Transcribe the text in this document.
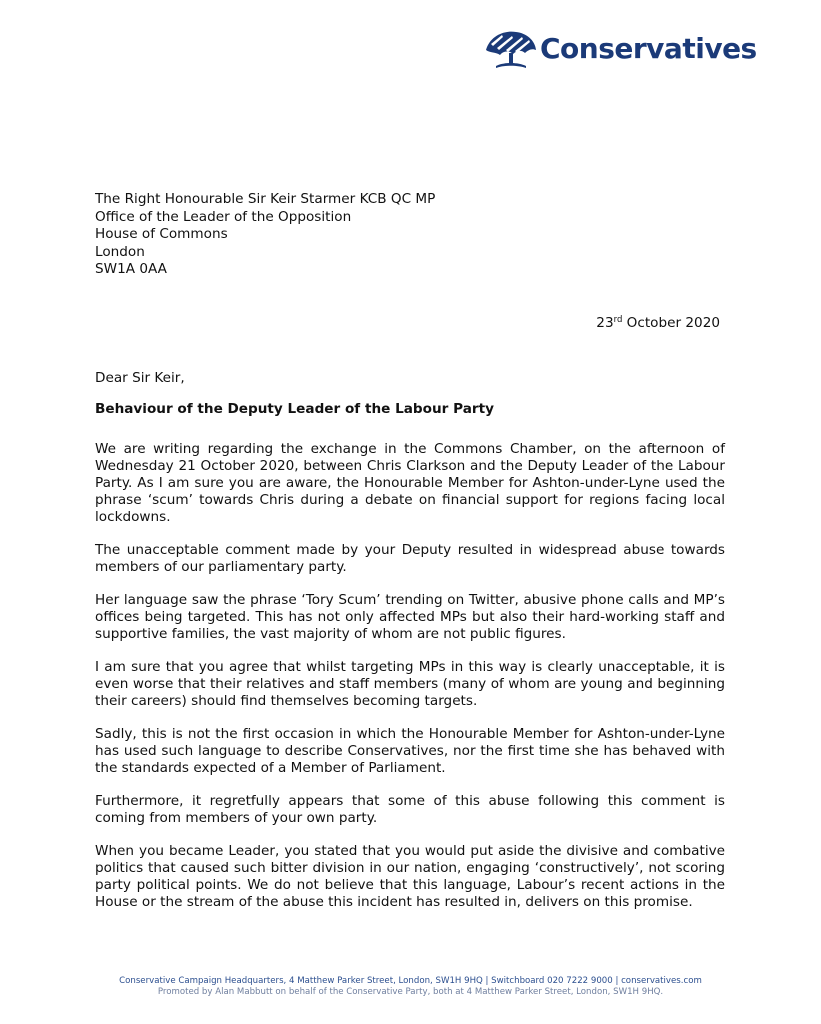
Conservatives
The Right Honourable Sir Keir Starmer KCB QC MP
Office of the Leader of the Opposition
House of Commons
London
SW1A 0AA
23rd October 2020
Dear Sir Keir,
Behaviour of the Deputy Leader of the Labour Party

We are writing regarding the exchange in the Commons Chamber, on the afternoon of Wednesday 21 October 2020, between Chris Clarkson and the Deputy Leader of the Labour Party. As I am sure you are aware, the Honourable Member for Ashton-under-Lyne used the phrase ‘scum’ towards Chris during a debate on financial support for regions facing local lockdowns.

The unacceptable comment made by your Deputy resulted in widespread abuse towards members of our parliamentary party.

Her language saw the phrase ‘Tory Scum’ trending on Twitter, abusive phone calls and MP’s offices being targeted. This has not only affected MPs but also their hard-working staff and supportive families, the vast majority of whom are not public figures.

I am sure that you agree that whilst targeting MPs in this way is clearly unacceptable, it is even worse that their relatives and staff members (many of whom are young and beginning their careers) should find themselves becoming targets.

Sadly, this is not the first occasion in which the Honourable Member for Ashton-under-Lyne has used such language to describe Conservatives, nor the first time she has behaved with the standards expected of a Member of Parliament.

Furthermore, it regretfully appears that some of this abuse following this comment is coming from members of your own party.

When you became Leader, you stated that you would put aside the divisive and combative politics that caused such bitter division in our nation, engaging ‘constructively’, not scoring party political points. We do not believe that this language, Labour’s recent actions in the House or the stream of the abuse this incident has resulted in, delivers on this promise.

Conservative Campaign Headquarters, 4 Matthew Parker Street, London, SW1H 9HQ | Switchboard 020 7222 9000 | conservatives.com
Promoted by Alan Mabbutt on behalf of the Conservative Party, both at 4 Matthew Parker Street, London, SW1H 9HQ.
